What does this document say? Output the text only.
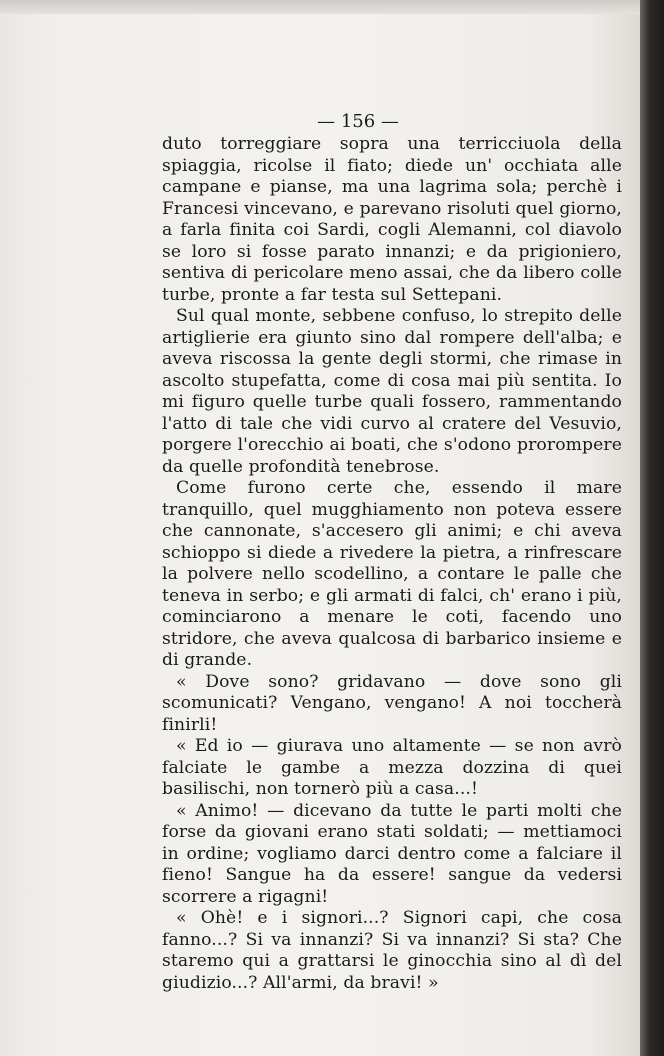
— 156 —

duto torreggiare sopra una terricciuola della spiaggia, ricolse il fiato; diede un' occhiata alle campane e pianse, ma una lagrima sola; perchè i Francesi vincevano, e parevano risoluti quel giorno, a farla finita coi Sardi, cogli Alemanni, col diavolo se loro si fosse parato innanzi; e da prigioniero, sentiva di pericolare meno assai, che da libero colle turbe, pronte a far testa sul Settepani.

Sul qual monte, sebbene confuso, lo strepito delle artiglierie era giunto sino dal rompere dell'alba; e aveva riscossa la gente degli stormi, che rimase in ascolto stupefatta, come di cosa mai più sentita. Io mi figuro quelle turbe quali fossero, rammentando l'atto di tale che vidi curvo al cratere del Vesuvio, porgere l'orecchio ai boati, che s'odono prorompere da quelle profondità tenebrose.

Come furono certe che, essendo il mare tranquillo, quel mugghiamento non poteva essere che cannonate, s'accesero gli animi; e chi aveva schioppo si diede a rivedere la pietra, a rinfrescare la polvere nello scodellino, a contare le palle che teneva in serbo; e gli armati di falci, ch' erano i più, cominciarono a menare le coti, facendo uno stridore, che aveva qualcosa di barbarico insieme e di grande.

« Dove sono? gridavano — dove sono gli scomunicati? Vengano, vengano! A noi toccherà finirli!

« Ed io — giurava uno altamente — se non avrò falciate le gambe a mezza dozzina di quei basilischi, non tornerò più a casa...!

« Animo! — dicevano da tutte le parti molti che forse da giovani erano stati soldati; — mettiamoci in ordine; vogliamo darci dentro come a falciare il fieno! Sangue ha da essere! sangue da vedersi scorrere a rigagni!

« Ohè! e i signori...? Signori capi, che cosa fanno...? Si va innanzi? Si va innanzi? Si sta? Che staremo qui a grattarsi le ginocchia sino al dì del giudizio...? All'armi, da bravi! »
